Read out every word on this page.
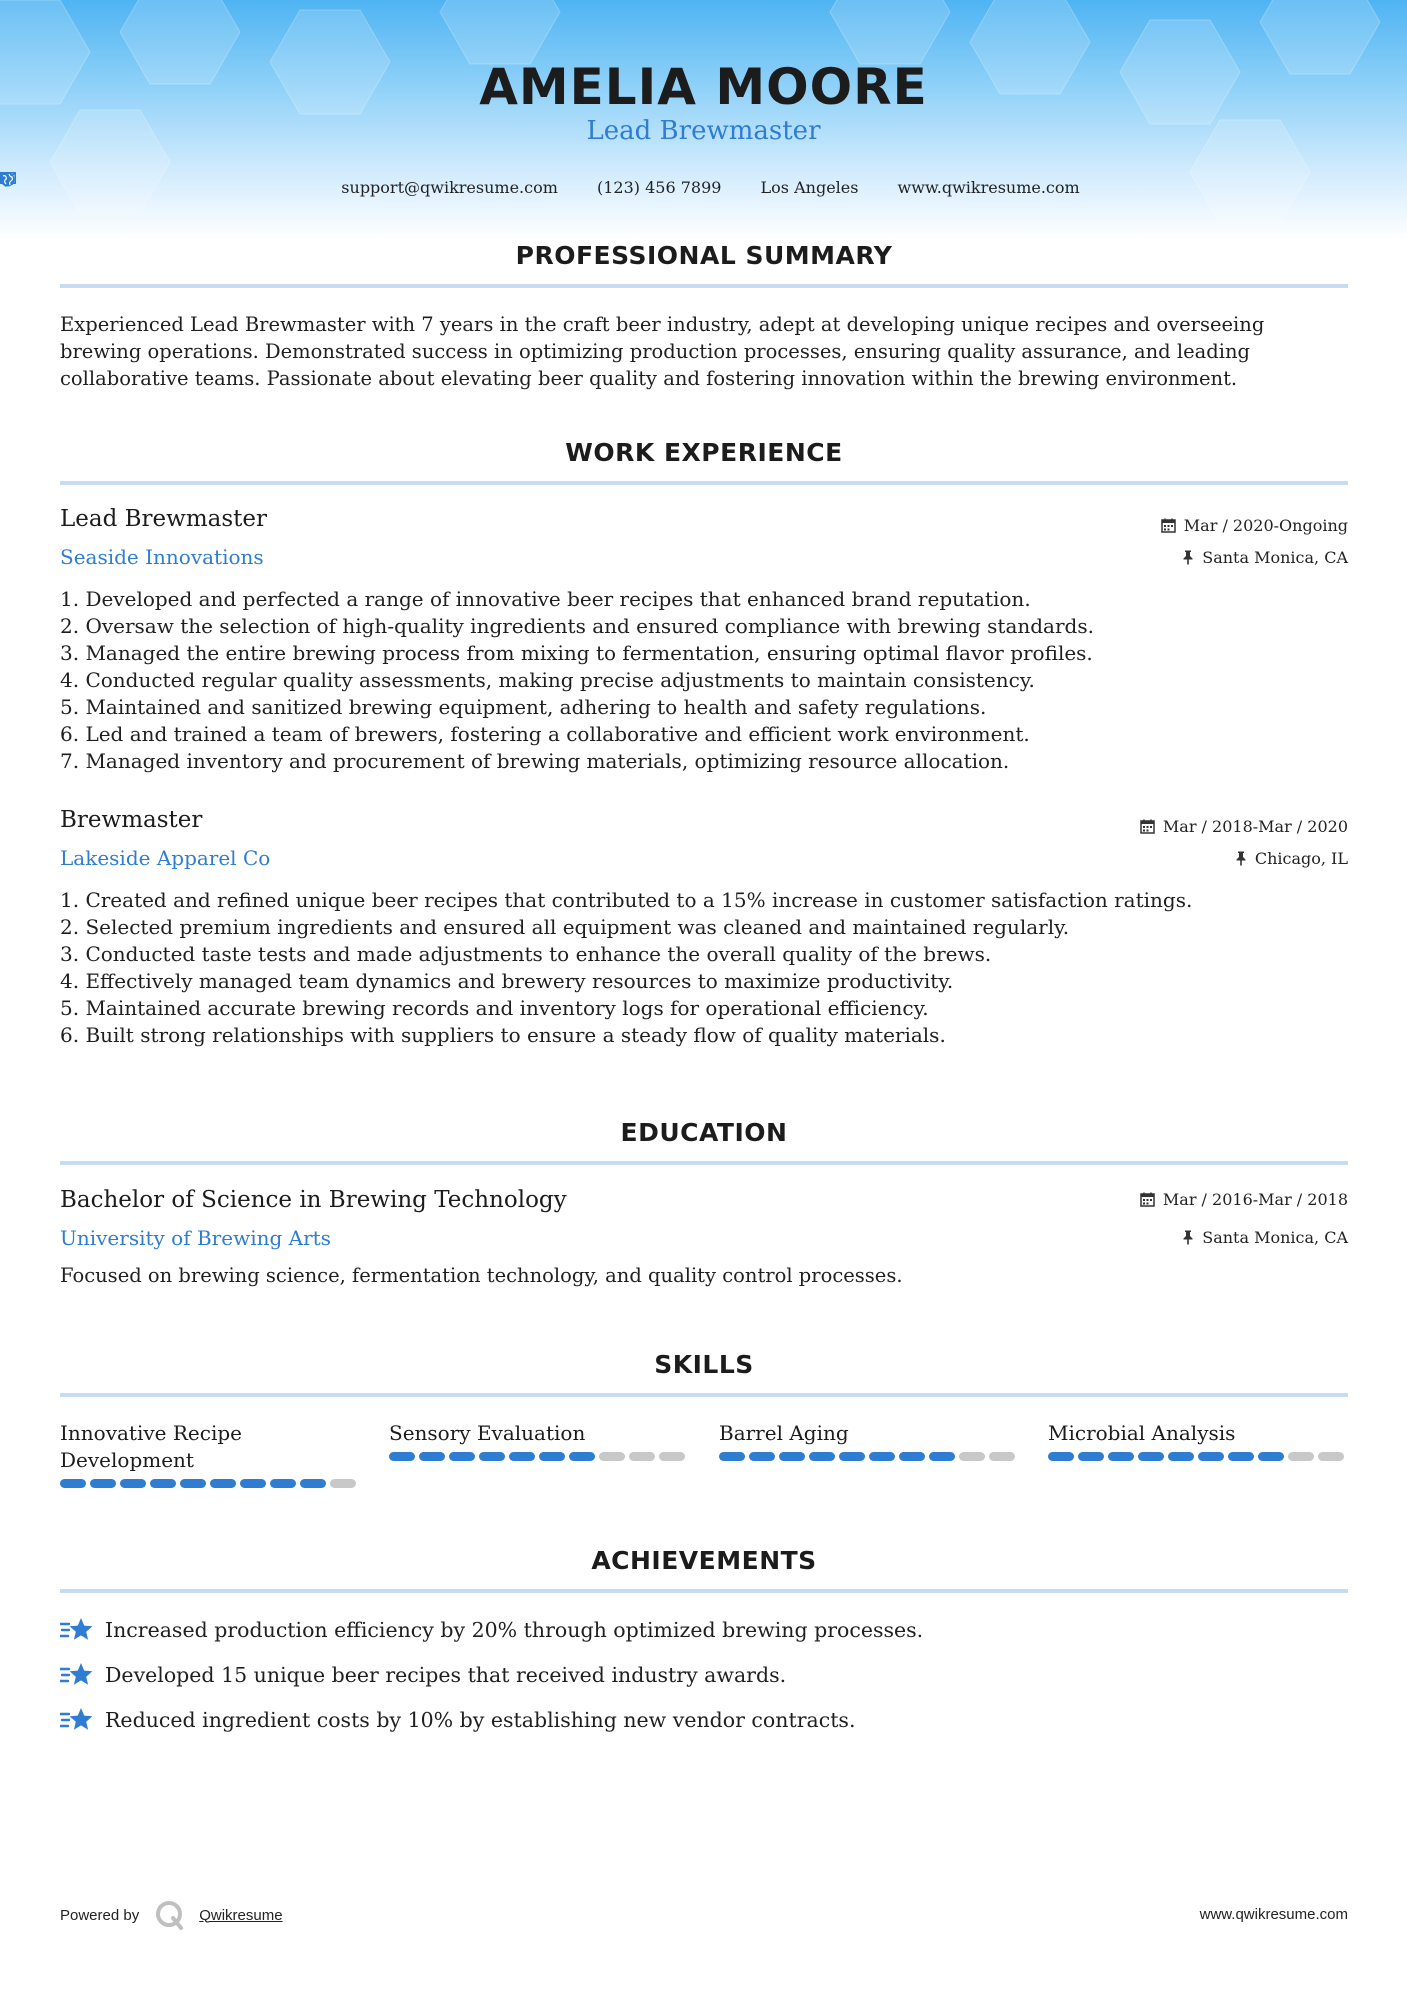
AMELIA MOORE
Lead Brewmaster
support@qwikresume.com
(123) 456 7899
Los Angeles
www.qwikresume.com
PROFESSIONAL SUMMARY
Experienced Lead Brewmaster with 7 years in the craft beer industry, adept at developing unique recipes and overseeing brewing operations. Demonstrated success in optimizing production processes, ensuring quality assurance, and leading collaborative teams. Passionate about elevating beer quality and fostering innovation within the brewing environment.
WORK EXPERIENCE
Lead Brewmaster
Seaside Innovations
Mar / 2020-Ongoing
Santa Monica, CA
1. Developed and perfected a range of innovative beer recipes that enhanced brand reputation.
2. Oversaw the selection of high-quality ingredients and ensured compliance with brewing standards.
3. Managed the entire brewing process from mixing to fermentation, ensuring optimal flavor profiles.
4. Conducted regular quality assessments, making precise adjustments to maintain consistency.
5. Maintained and sanitized brewing equipment, adhering to health and safety regulations.
6. Led and trained a team of brewers, fostering a collaborative and efficient work environment.
7. Managed inventory and procurement of brewing materials, optimizing resource allocation.
Brewmaster
Lakeside Apparel Co
Mar / 2018-Mar / 2020
Chicago, IL
1. Created and refined unique beer recipes that contributed to a 15% increase in customer satisfaction ratings.
2. Selected premium ingredients and ensured all equipment was cleaned and maintained regularly.
3. Conducted taste tests and made adjustments to enhance the overall quality of the brews.
4. Effectively managed team dynamics and brewery resources to maximize productivity.
5. Maintained accurate brewing records and inventory logs for operational efficiency.
6. Built strong relationships with suppliers to ensure a steady flow of quality materials.
EDUCATION
Bachelor of Science in Brewing Technology
University of Brewing Arts
Mar / 2016-Mar / 2018
Santa Monica, CA
Focused on brewing science, fermentation technology, and quality control processes.
SKILLS
Innovative Recipe Development
Sensory Evaluation	Barrel Aging	Microbial Analysis
ACHIEVEMENTS
Increased production efficiency by 20% through optimized brewing processes.
Developed 15 unique beer recipes that received industry awards.
Reduced ingredient costs by 10% by establishing new vendor contracts.
Powered by	Qwikresume	www.qwikresume.com
